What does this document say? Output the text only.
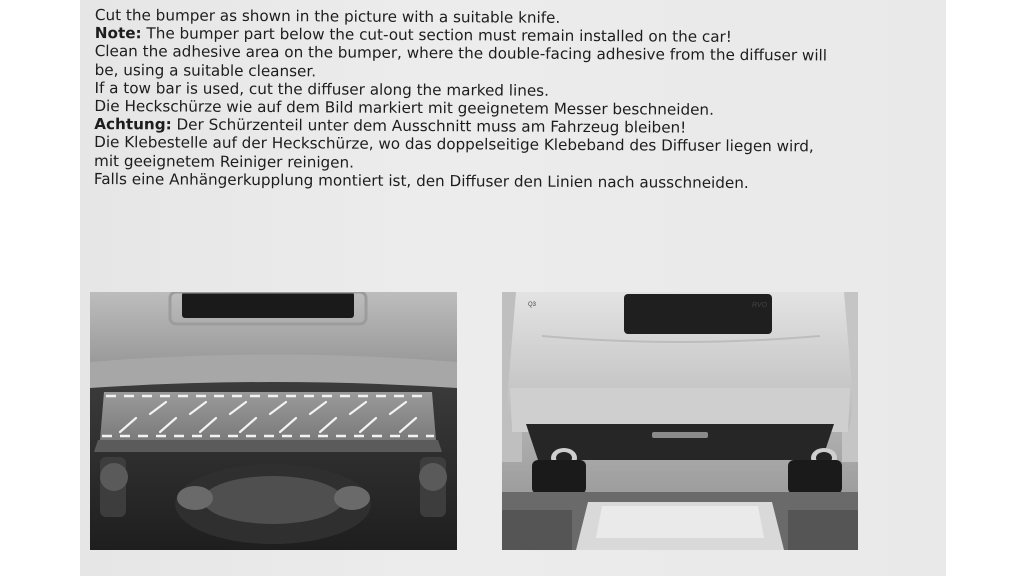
Cut the bumper as shown in the picture with a suitable knife.

Note: The bumper part below the cut-out section must remain installed on the car!

Clean the adhesive area on the bumper, where the double-facing adhesive from the diffuser will

be, using a suitable cleanser.

If a tow bar is used, cut the diffuser along the marked lines.

Die Heckschürze wie auf dem Bild markiert mit geeignetem Messer beschneiden.

Achtung: Der Schürzenteil unter dem Ausschnitt muss am Fahrzeug bleiben!

Die Klebestelle auf der Heckschürze, wo das doppelseitige Klebeband des Diffuser liegen wird,

mit geeignetem Reiniger reinigen.

Falls eine Anhängerkupplung montiert ist, den Diffuser den Linien nach ausschneiden.

RVO
Q3
